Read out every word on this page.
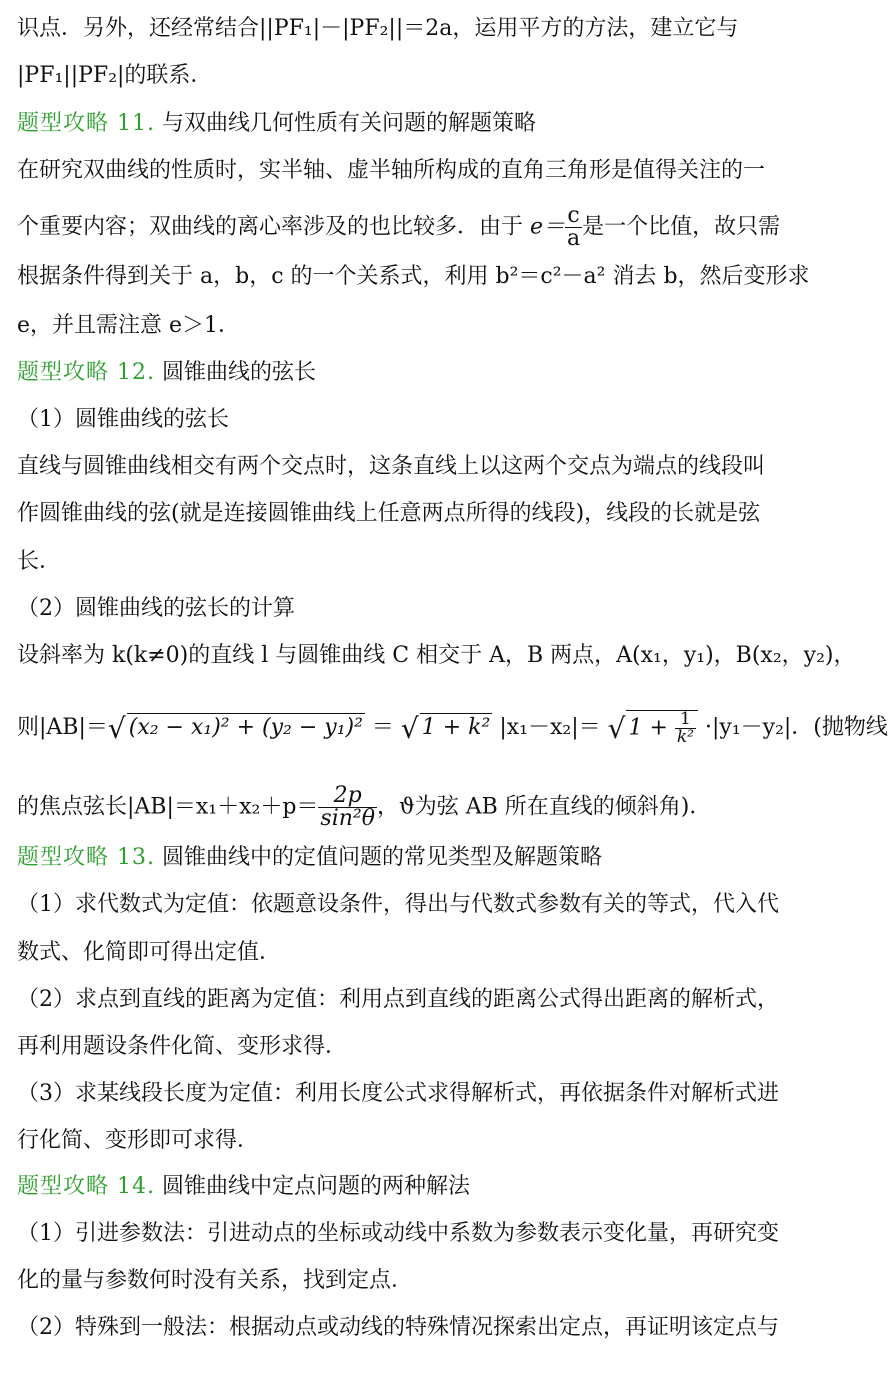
识点．另外，还经常结合||PF₁|－|PF₂||＝2a，运用平方的方法，建立它与
|PF₁||PF₂|的联系．
题型攻略 11. 与双曲线几何性质有关问题的解题策略
在研究双曲线的性质时，实半轴、虚半轴所构成的直角三角形是值得关注的一
个重要内容；双曲线的离心率涉及的也比较多．由于 $e= \frac{c}{a}$ 是一个比值，故只需
根据条件得到关于 a，b，c 的一个关系式，利用 b²＝c²－a² 消去 b，然后变形求
e，并且需注意 e＞1．
题型攻略 12. 圆锥曲线的弦长
（1）圆锥曲线的弦长
直线与圆锥曲线相交有两个交点时，这条直线上以这两个交点为端点的线段叫
作圆锥曲线的弦(就是连接圆锥曲线上任意两点所得的线段)，线段的长就是弦
长．
（2）圆锥曲线的弦长的计算
设斜率为 k(k≠0)的直线 l 与圆锥曲线 C 相交于 A，B 两点，A(x₁，y₁)，B(x₂，y₂)，
则|AB|＝√ (x₂ − x₁)² + (y₂ − y₁)² ＝ √ 1 + k² |x₁－x₂|＝ √ $1 + \frac{1}{\text{k²}} \cdot|y_1-y_2|$．(抛物线
的焦点弦长$|AB|=x_1+x_2+p= \frac{2p}{\text{sin²θ}}$ ，ϑ为弦 AB 所在直线的倾斜角)．
题型攻略 13. 圆锥曲线中的定值问题的常见类型及解题策略
（1）求代数式为定值：依题意设条件，得出与代数式参数有关的等式，代入代
数式、化简即可得出定值．
（2）求点到直线的距离为定值：利用点到直线的距离公式得出距离的解析式，
再利用题设条件化简、变形求得．
（3）求某线段长度为定值：利用长度公式求得解析式，再依据条件对解析式进
行化简、变形即可求得．
题型攻略 14. 圆锥曲线中定点问题的两种解法
（1）引进参数法：引进动点的坐标或动线中系数为参数表示变化量，再研究变
化的量与参数何时没有关系，找到定点．
（2）特殊到一般法：根据动点或动线的特殊情况探索出定点，再证明该定点与
